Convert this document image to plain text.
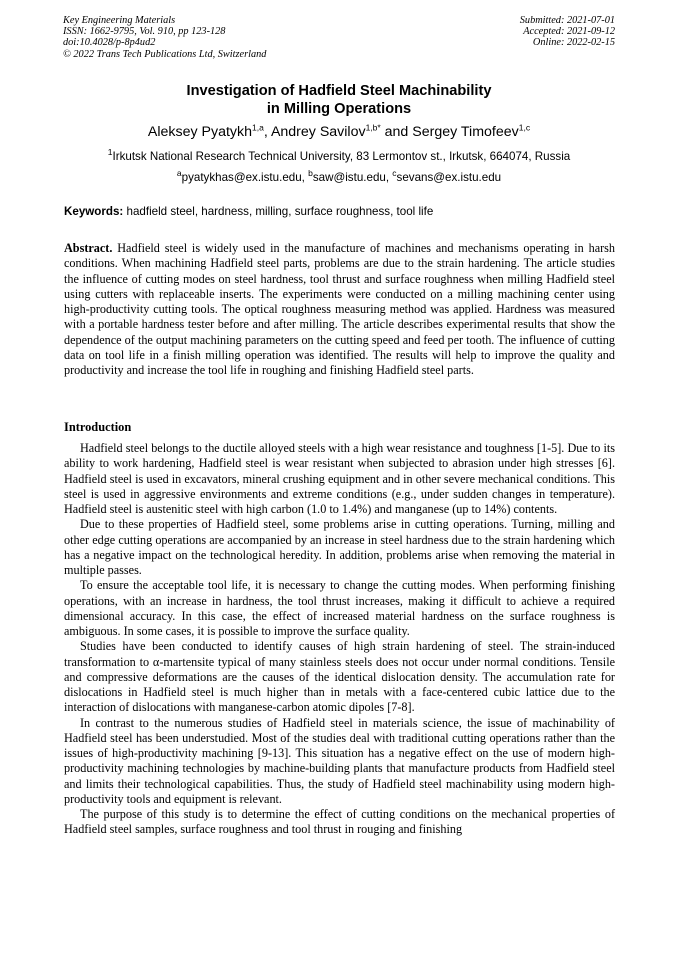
Key Engineering Materials
ISSN: 1662-9795, Vol. 910, pp 123-128
doi:10.4028/p-8p4ud2
© 2022 Trans Tech Publications Ltd, Switzerland
Submitted: 2021-07-01
Accepted: 2021-09-12
Online: 2022-02-15
Investigation of Hadfield Steel Machinability
in Milling Operations
Aleksey Pyatykh$^{1,a}$, Andrey Savilov$^{1,b*}$ and Sergey Timofeev$^{1,c}$
$^1$Irkutsk National Research Technical University, 83 Lermontov st., Irkutsk, 664074, Russia
$^a$pyatykhas@ex.istu.edu, $^b$saw@istu.edu, $^c$sevans@ex.istu.edu
Keywords: hadfield steel, hardness, milling, surface roughness, tool life

Abstract. Hadfield steel is widely used in the manufacture of machines and mechanisms operating in harsh conditions. When machining Hadfield steel parts, problems are due to the strain hardening. The article studies the influence of cutting modes on steel hardness, tool thrust and surface roughness when milling Hadfield steel using cutters with replaceable inserts. The experiments were conducted on a milling machining center using high-productivity cutting tools. The optical roughness measuring method was applied. Hardness was measured with a portable hardness tester before and after milling. The article describes experimental results that show the dependence of the output machining parameters on the cutting speed and feed per tooth. The influence of cutting data on tool life in a finish milling operation was identified. The results will help to improve the quality and productivity and increase the tool life in roughing and finishing Hadfield steel parts.

Introduction

Hadfield steel belongs to the ductile alloyed steels with a high wear resistance and toughness [1-5]. Due to its ability to work hardening, Hadfield steel is wear resistant when subjected to abrasion under high stresses [6]. Hadfield steel is used in excavators, mineral crushing equipment and in other severe mechanical conditions. This steel is used in aggressive environments and extreme conditions (e.g., under sudden changes in temperature). Hadfield steel is austenitic steel with high carbon (1.0 to 1.4%) and manganese (up to 14%) contents.

Due to these properties of Hadfield steel, some problems arise in cutting operations. Turning, milling and other edge cutting operations are accompanied by an increase in steel hardness due to the strain hardening which has a negative impact on the technological heredity. In addition, problems arise when removing the material in multiple passes.

To ensure the acceptable tool life, it is necessary to change the cutting modes. When performing finishing operations, with an increase in hardness, the tool thrust increases, making it difficult to achieve a required dimensional accuracy. In this case, the effect of increased material hardness on the surface roughness is ambiguous. In some cases, it is possible to improve the surface quality.

Studies have been conducted to identify causes of high strain hardening of steel. The strain-induced transformation to α-martensite typical of many stainless steels does not occur under normal conditions. Tensile and compressive deformations are the causes of the identical dislocation density. The accumulation rate for dislocations in Hadfield steel is much higher than in metals with a face-centered cubic lattice due to the interaction of dislocations with manganese-carbon atomic dipoles [7-8].

In contrast to the numerous studies of Hadfield steel in materials science, the issue of machinability of Hadfield steel has been understudied. Most of the studies deal with traditional cutting operations rather than the issues of high-productivity machining [9-13]. This situation has a negative effect on the use of modern high-productivity machining technologies by machine-building plants that manufacture products from Hadfield steel and limits their technological capabilities. Thus, the study of Hadfield steel machinability using modern high-productivity tools and equipment is relevant.

The purpose of this study is to determine the effect of cutting conditions on the mechanical properties of Hadfield steel samples, surface roughness and tool thrust in rouging and finishing
